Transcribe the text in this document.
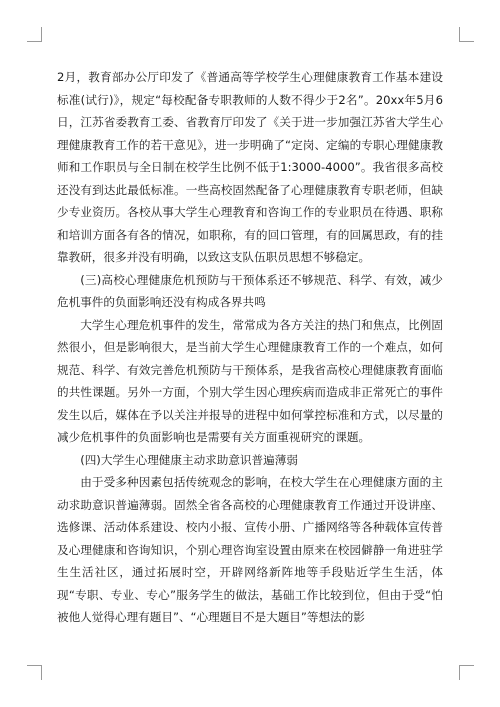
2月，教育部办公厅印发了《普通高等学校学生心理健康教育工作基本建设标准(试行)》，规定“每校配备专职教师的人数不得少于2名”。20xx年5月6日，江苏省委教育工委、省教育厅印发了《关于进一步加强江苏省大学生心理健康教育工作的若干意见》，进一步明确了“定岗、定编的专职心理健康教师和工作职员与全日制在校学生比例不低于1:3000-4000”。我省很多高校还没有到达此最低标准。一些高校固然配备了心理健康教育专职老师，但缺少专业资历。各校从事大学生心理教育和咨询工作的专业职员在待遇、职称和培训方面各有各的情况，如职称，有的回口管理，有的回属思政，有的挂靠教研，很多并没有明确，以致这支队伍职员思想不够稳定。

(三)高校心理健康危机预防与干预体系还不够规范、科学、有效，减少危机事件的负面影响还没有构成各界共鸣

大学生心理危机事件的发生，常常成为各方关注的热门和焦点，比例固然很小，但是影响很大，是当前大学生心理健康教育工作的一个难点，如何规范、科学、有效完善危机预防与干预体系，是我省高校心理健康教育面临的共性课题。另外一方面，个别大学生因心理疾病而造成非正常死亡的事件发生以后，媒体在予以关注并报导的进程中如何掌控标准和方式，以尽量的减少危机事件的负面影响也是需要有关方面重视研究的课题。

(四)大学生心理健康主动求助意识普遍薄弱

由于受多种因素包括传统观念的影响，在校大学生在心理健康方面的主动求助意识普遍薄弱。固然全省各高校的心理健康教育工作通过开设讲座、选修课、活动体系建设、校内小报、宣传小册、广播网络等各种载体宣传普及心理健康和咨询知识，个别心理咨询室设置由原来在校园僻静一角进驻学生生活社区，通过拓展时空，开辟网络新阵地等手段贴近学生生活，体现“专职、专业、专心”服务学生的做法，基础工作比较到位，但由于受“怕被他人觉得心理有题目”、“心理题目不是大题目”等想法的影
